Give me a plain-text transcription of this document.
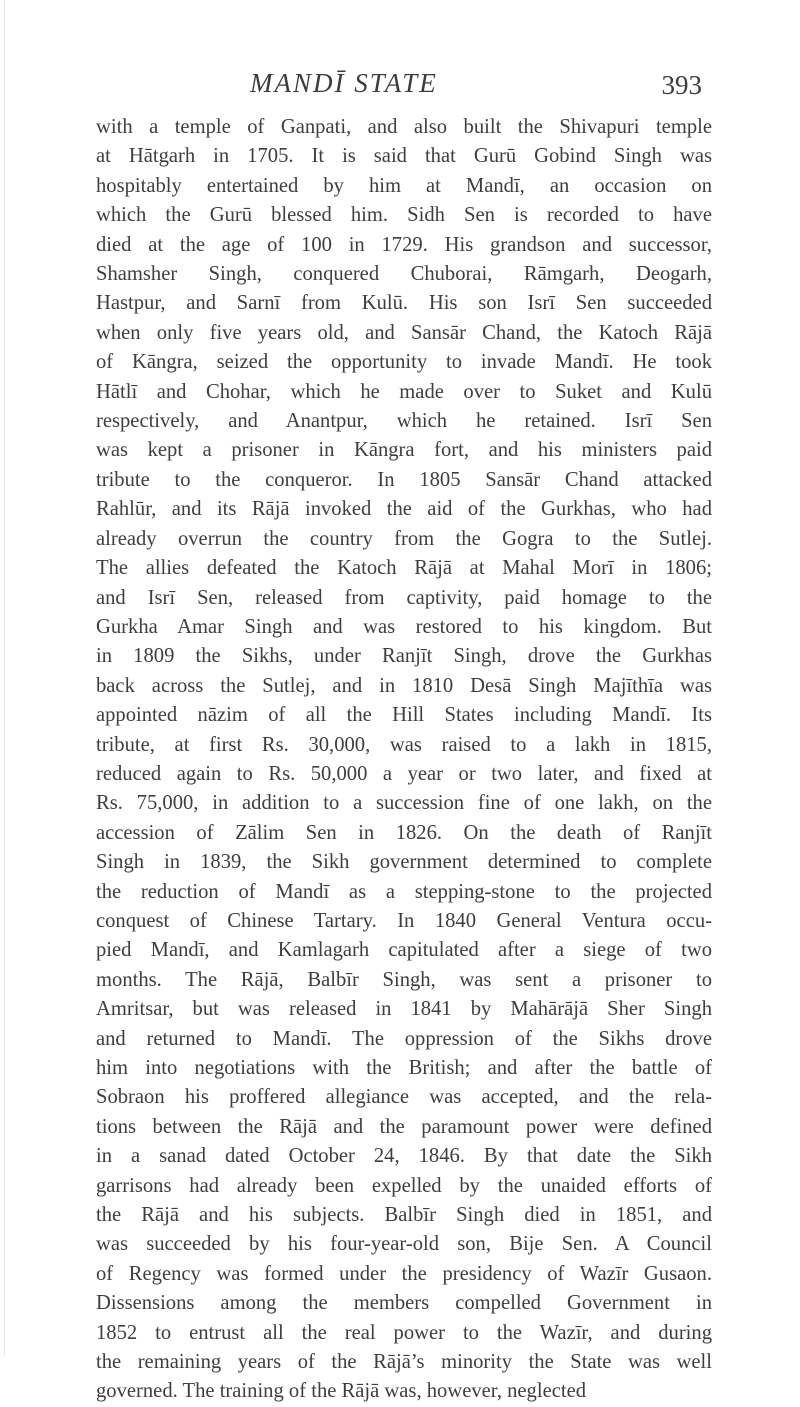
MANDĪ STATE	393
with a temple of Ganpati, and also built the Shivapuri temple
at Hātgarh in 1705. It is said that Gurū Gobind Singh was
hospitably entertained by him at Mandī, an occasion on
which the Gurū blessed him. Sidh Sen is recorded to have
died at the age of 100 in 1729. His grandson and successor,
Shamsher Singh, conquered Chuborai, Rāmgarh, Deogarh,
Hastpur, and Sarnī from Kulū. His son Isrī Sen succeeded
when only five years old, and Sansār Chand, the Katoch Rājā
of Kāngra, seized the opportunity to invade Mandī. He took
Hātlī and Chohar, which he made over to Suket and Kulū
respectively, and Anantpur, which he retained. Isrī Sen
was kept a prisoner in Kāngra fort, and his ministers paid
tribute to the conqueror. In 1805 Sansār Chand attacked
Rahlūr, and its Rājā invoked the aid of the Gurkhas, who had
already overrun the country from the Gogra to the Sutlej.
The allies defeated the Katoch Rājā at Mahal Morī in 1806;
and Isrī Sen, released from captivity, paid homage to the
Gurkha Amar Singh and was restored to his kingdom. But
in 1809 the Sikhs, under Ranjīt Singh, drove the Gurkhas
back across the Sutlej, and in 1810 Desā Singh Majīthīa was
appointed nāzim of all the Hill States including Mandī. Its
tribute, at first Rs. 30,000, was raised to a lakh in 1815,
reduced again to Rs. 50,000 a year or two later, and fixed at
Rs. 75,000, in addition to a succession fine of one lakh, on the
accession of Zālim Sen in 1826. On the death of Ranjīt
Singh in 1839, the Sikh government determined to complete
the reduction of Mandī as a stepping-stone to the projected
conquest of Chinese Tartary. In 1840 General Ventura occu-
pied Mandī, and Kamlagarh capitulated after a siege of two
months. The Rājā, Balbīr Singh, was sent a prisoner to
Amritsar, but was released in 1841 by Mahārājā Sher Singh
and returned to Mandī. The oppression of the Sikhs drove
him into negotiations with the British; and after the battle of
Sobraon his proffered allegiance was accepted, and the rela-
tions between the Rājā and the paramount power were defined
in a sanad dated October 24, 1846. By that date the Sikh
garrisons had already been expelled by the unaided efforts of
the Rājā and his subjects. Balbīr Singh died in 1851, and
was succeeded by his four-year-old son, Bije Sen. A Council
of Regency was formed under the presidency of Wazīr Gusaon.
Dissensions among the members compelled Government in
1852 to entrust all the real power to the Wazīr, and during
the remaining years of the Rājā’s minority the State was well
governed. The training of the Rājā was, however, neglected
